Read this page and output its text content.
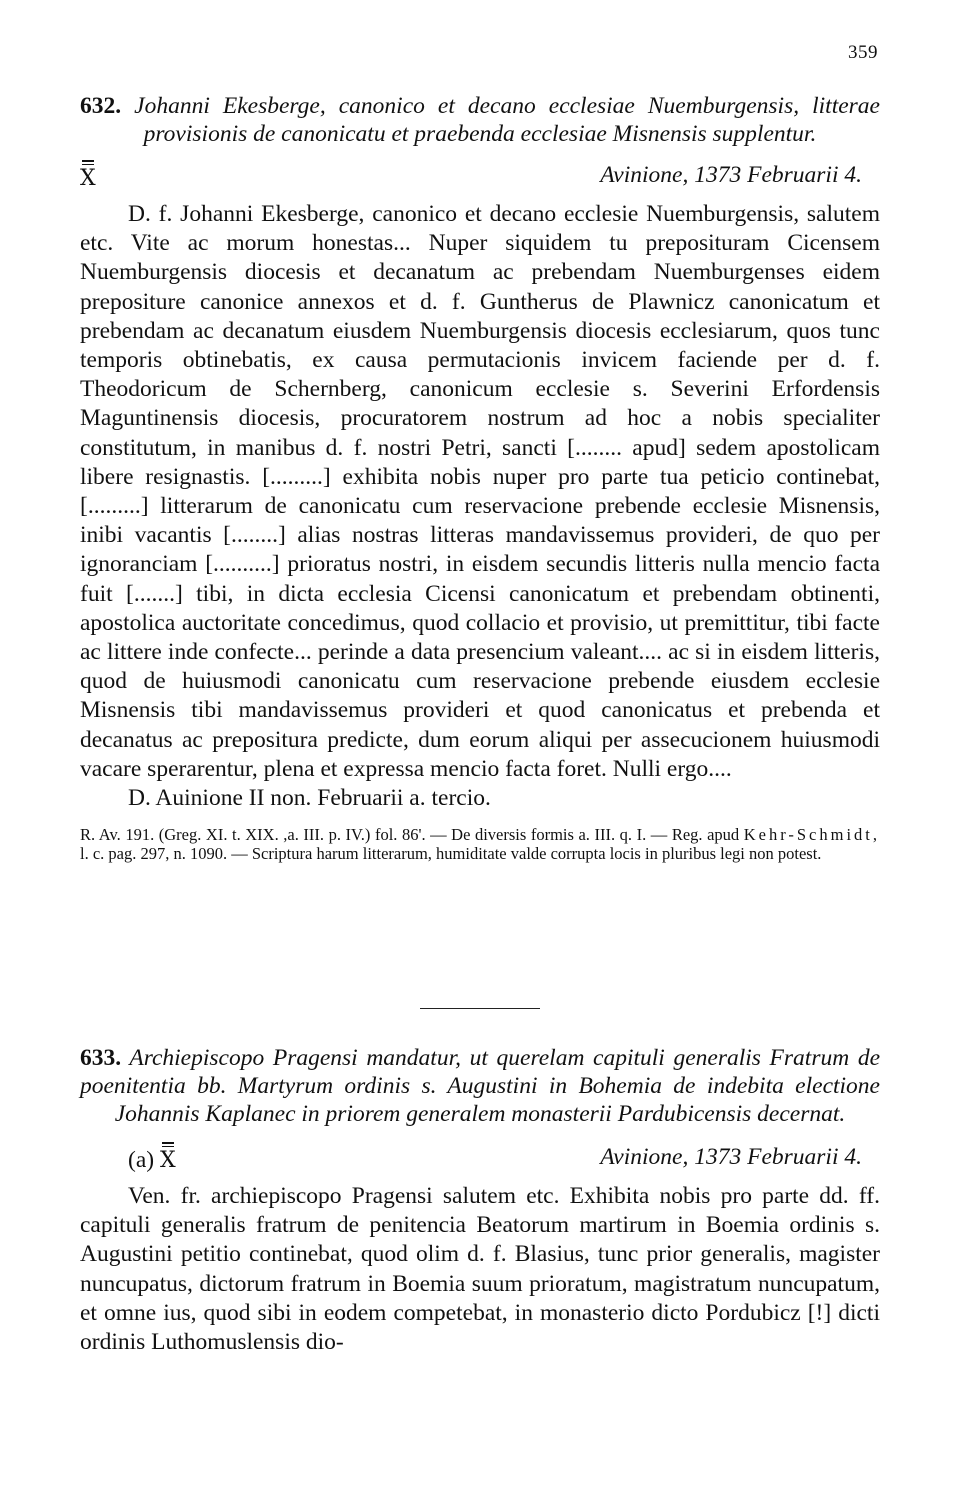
359

632. Johanni Ekesberge, canonico et decano ecclesiae Nuemburgensis, litterae provisionis de canonicatu et praebenda ecclesiae Misnensis supplentur.

X	Avinione, 1373 Februarii 4.

D. f. Johanni Ekesberge, canonico et decano ecclesie Nuemburgensis, salutem etc. Vite ac morum honestas... Nuper siquidem tu preposituram Cicensem Nuemburgensis diocesis et decanatum ac prebendam Nuemburgenses eidem prepositure canonice annexos et d. f. Guntherus de Plawnicz canonicatum et prebendam ac decanatum eiusdem Nuemburgensis diocesis ecclesiarum, quos tunc temporis obtinebatis, ex causa permutacionis invicem faciende per d. f. Theodoricum de Schernberg, canonicum ecclesie s. Severini Erfordensis Maguntinensis diocesis, procuratorem nostrum ad hoc a nobis specialiter constitutum, in manibus d. f. nostri Petri, sancti [........ apud] sedem apostolicam libere resignastis. [.........] exhibita nobis nuper pro parte tua peticio continebat, [.........] litterarum de canonicatu cum reservacione prebende ecclesie Misnensis, inibi vacantis [........] alias nostras litteras mandavissemus provideri, de quo per ignoranciam [..........] prioratus nostri, in eisdem secundis litteris nulla mencio facta fuit [.......] tibi, in dicta ecclesia Cicensi canonicatum et prebendam obtinenti, apostolica auctoritate concedimus, quod collacio et provisio, ut premittitur, tibi facte ac littere inde confecte... perinde a data presencium valeant.... ac si in eisdem litteris, quod de huiusmodi canonicatu cum reservacione prebende eiusdem ecclesie Misnensis tibi mandavissemus provideri et quod canonicatus et prebenda et decanatus ac prepositura predicte, dum eorum aliqui per assecucionem huiusmodi vacare sperarentur, plena et expressa mencio facta foret. Nulli ergo....

D. Auinione II non. Februarii a. tercio.

R. Av. 191. (Greg. XI. t. XIX. ,a. III. p. IV.) fol. 86'. — De diversis formis a. III. q. I. — Reg. apud Kehr-Schmidt, l. c. pag. 297, n. 1090. — Scriptura harum litterarum, humiditate valde corrupta locis in pluribus legi non potest.

633. Archiepiscopo Pragensi mandatur, ut querelam capituli generalis Fratrum de poenitentia bb. Martyrum ordinis s. Augustini in Bohemia de indebita electione Johannis Kaplanec in priorem generalem monasterii Pardubicensis decernat.

(a) X	Avinione, 1373 Februarii 4.

Ven. fr. archiepiscopo Pragensi salutem etc. Exhibita nobis pro parte dd. ff. capituli generalis fratrum de penitencia Beatorum martirum in Boemia ordinis s. Augustini petitio continebat, quod olim d. f. Blasius, tunc prior generalis, magister nuncupatus, dictorum fratrum in Boemia suum prioratum, magistratum nuncupatum, et omne ius, quod sibi in eodem competebat, in monasterio dicto Pordubicz [!] dicti ordinis Luthomuslensis dio-
